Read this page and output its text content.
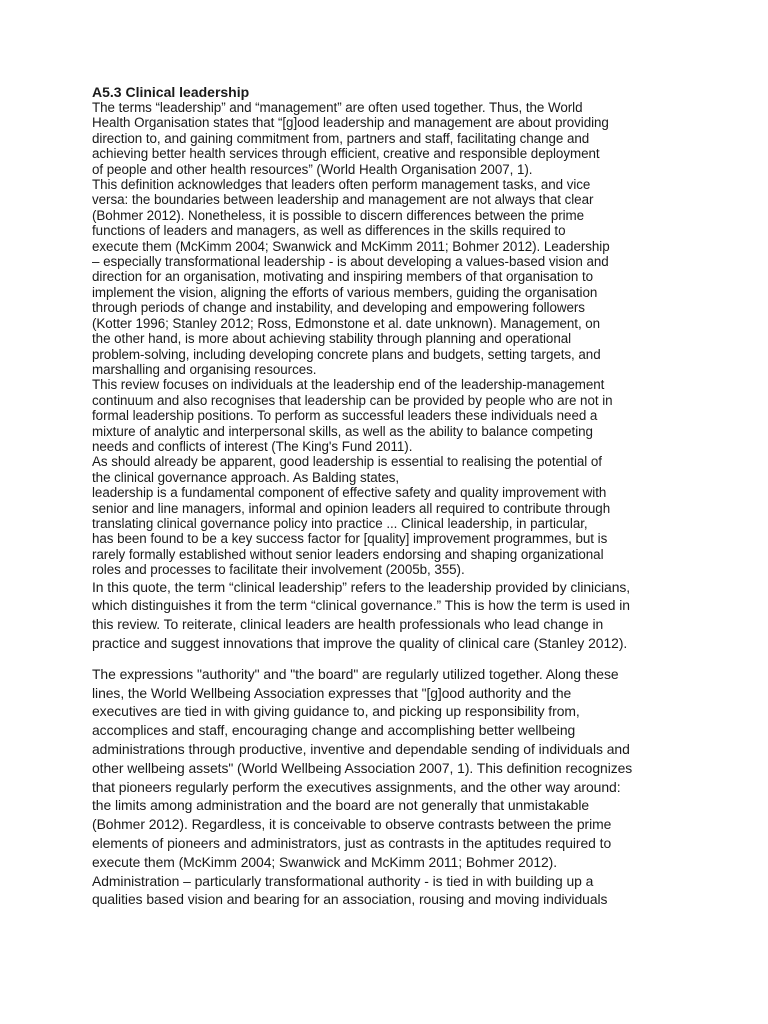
A5.3 Clinical leadership

The terms “leadership” and “management” are often used together. Thus, the World
Health Organisation states that “[g]ood leadership and management are about providing
direction to, and gaining commitment from, partners and staff, facilitating change and
achieving better health services through efficient, creative and responsible deployment
of people and other health resources” (World Health Organisation 2007, 1).

This definition acknowledges that leaders often perform management tasks, and vice
versa: the boundaries between leadership and management are not always that clear
(Bohmer 2012). Nonetheless, it is possible to discern differences between the prime
functions of leaders and managers, as well as differences in the skills required to
execute them (McKimm 2004; Swanwick and McKimm 2011; Bohmer 2012). Leadership
– especially transformational leadership - is about developing a values-based vision and
direction for an organisation, motivating and inspiring members of that organisation to
implement the vision, aligning the efforts of various members, guiding the organisation
through periods of change and instability, and developing and empowering followers
(Kotter 1996; Stanley 2012; Ross, Edmonstone et al. date unknown). Management, on
the other hand, is more about achieving stability through planning and operational
problem-solving, including developing concrete plans and budgets, setting targets, and
marshalling and organising resources.

This review focuses on individuals at the leadership end of the leadership-management
continuum and also recognises that leadership can be provided by people who are not in
formal leadership positions. To perform as successful leaders these individuals need a
mixture of analytic and interpersonal skills, as well as the ability to balance competing
needs and conflicts of interest (The King's Fund 2011).

As should already be apparent, good leadership is essential to realising the potential of
the clinical governance approach. As Balding states,

leadership is a fundamental component of effective safety and quality improvement with
senior and line managers, informal and opinion leaders all required to contribute through
translating clinical governance policy into practice ... Clinical leadership, in particular,
has been found to be a key success factor for [quality] improvement programmes, but is
rarely formally established without senior leaders endorsing and shaping organizational
roles and processes to facilitate their involvement (2005b, 355).

In this quote, the term “clinical leadership” refers to the leadership provided by clinicians,
which distinguishes it from the term “clinical governance.” This is how the term is used in
this review. To reiterate, clinical leaders are health professionals who lead change in
practice and suggest innovations that improve the quality of clinical care (Stanley 2012).

The expressions "authority" and "the board" are regularly utilized together. Along these
lines, the World Wellbeing Association expresses that "[g]ood authority and the
executives are tied in with giving guidance to, and picking up responsibility from,
accomplices and staff, encouraging change and accomplishing better wellbeing
administrations through productive, inventive and dependable sending of individuals and
other wellbeing assets" (World Wellbeing Association 2007, 1). This definition recognizes
that pioneers regularly perform the executives assignments, and the other way around:
the limits among administration and the board are not generally that unmistakable
(Bohmer 2012). Regardless, it is conceivable to observe contrasts between the prime
elements of pioneers and administrators, just as contrasts in the aptitudes required to
execute them (McKimm 2004; Swanwick and McKimm 2011; Bohmer 2012).
Administration – particularly transformational authority - is tied in with building up a
qualities based vision and bearing for an association, rousing and moving individuals
